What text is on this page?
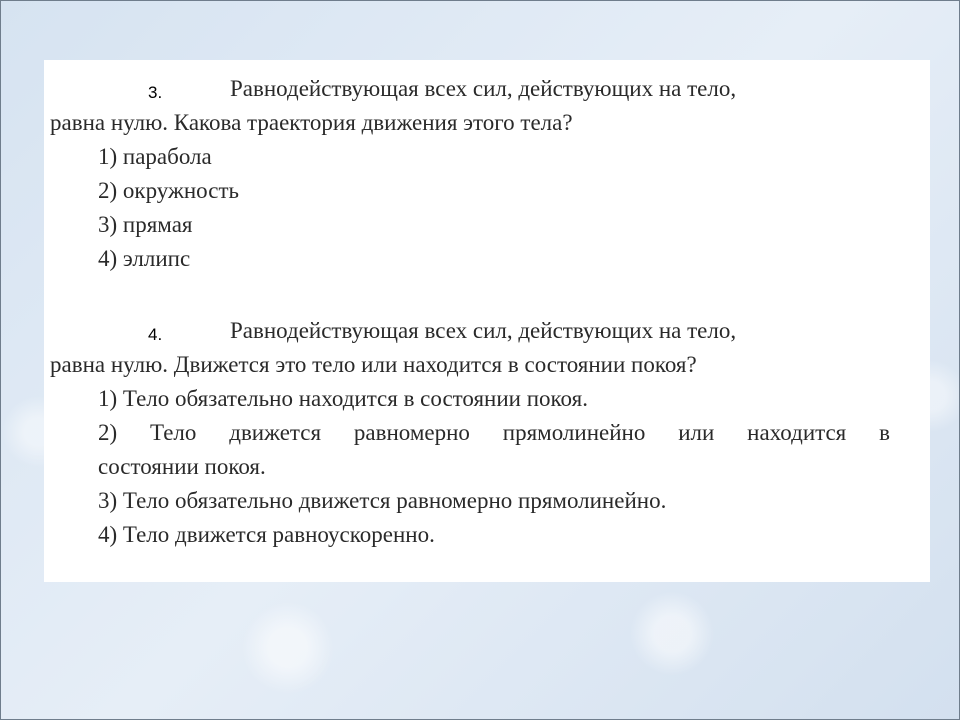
3.	Равнодействующая всех сил, действующих на тело,
равна нулю. Какова траектория движения этого тела?
1) парабола
2) окружность
3) прямая
4) эллипс
4.	Равнодействующая всех сил, действующих на тело,
равна нулю. Движется это тело или находится в состоянии покоя?
1) Тело обязательно находится в состоянии покоя.
2) Тело движется равномерно прямолинейно или находится в
состоянии покоя.
3) Тело обязательно движется равномерно прямолинейно.
4) Тело движется равноускоренно.
